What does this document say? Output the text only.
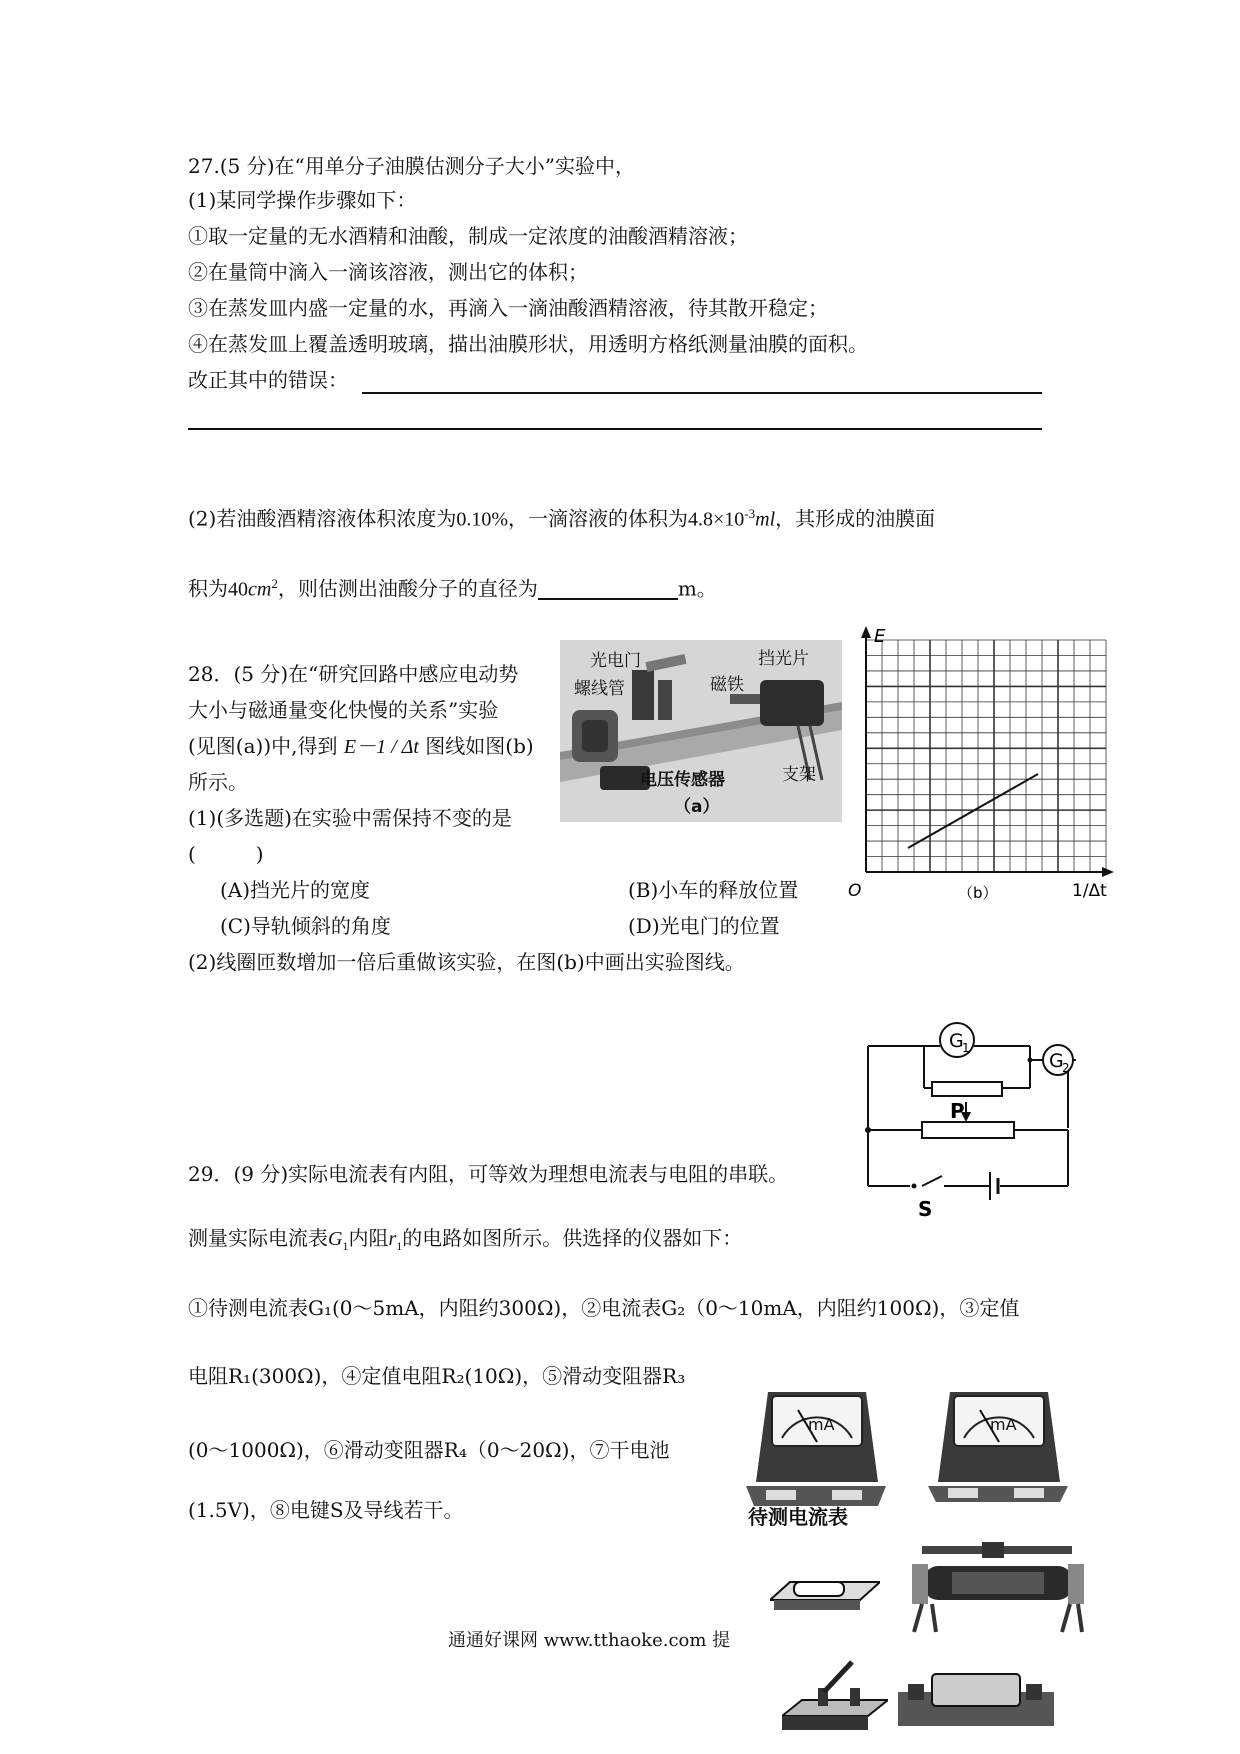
27.(5 分)在“用单分子油膜估测分子大小”实验中，
(1)某同学操作步骤如下：
①取一定量的无水酒精和油酸，制成一定浓度的油酸酒精溶液；
②在量筒中滴入一滴该溶液，测出它的体积；
③在蒸发皿内盛一定量的水，再滴入一滴油酸酒精溶液，待其散开稳定；
④在蒸发皿上覆盖透明玻璃，描出油膜形状，用透明方格纸测量油膜的面积。
改正其中的错误：
(2)若油酸酒精溶液体积浓度为0.10%，一滴溶液的体积为$4.8\times 10^{-3}ml$，其形成的油膜面
积为$40cm^2$，则估测出油酸分子的直径为	m。
28．(5 分)在“研究回路中感应电动势
大小与磁通量变化快慢的关系”实验
(见图(a))中,得到 E－1 / Δt 图线如图(b)
所示。
(1)(多选题)在实验中需保持不变的是
(　　　)
(A)挡光片的宽度	(B)小车的释放位置
(C)导轨倾斜的角度	(D)光电门的位置
(2)线圈匝数增加一倍后重做该实验，在图(b)中画出实验图线。
光电门
螺线管
挡光片
磁铁
电压传感器	支架
（a）
E
O	1/Δt
（b）
G
1
G
2
P
S
29．(9 分)实际电流表有内阻，可等效为理想电流表与电阻的串联。
测量实际电流表$G_1$内阻$r_1$的电路如图所示。供选择的仪器如下：
①待测电流表G₁(0～5mA，内阻约300Ω)，②电流表G₂（0～10mA，内阻约100Ω)，③定值
电阻R₁(300Ω)，④定值电阻R₂(10Ω)，⑤滑动变阻器R₃
(0～1000Ω)，⑥滑动变阻器R₄（0～20Ω)，⑦干电池
(1.5V)，⑧电键S及导线若干。
mA
待测电流表
mA
通通好课网 www.tthaoke.com 提
